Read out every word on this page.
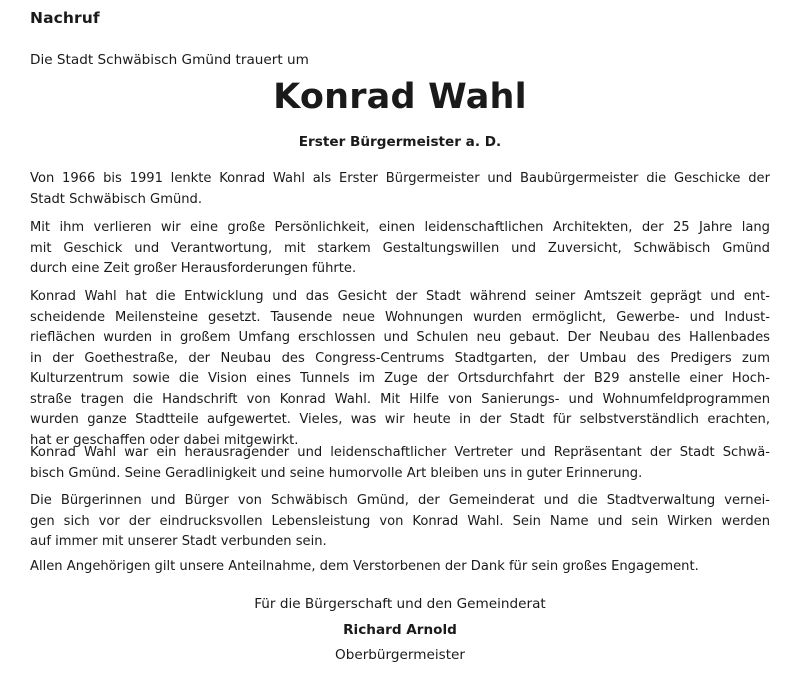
Nachruf
Die Stadt Schwäbisch Gmünd trauert um
Konrad Wahl
Erster Bürgermeister a. D.
Von 1966 bis 1991 lenkte Konrad Wahl als Erster Bürgermeister und Baubürgermeister die Geschicke der
Stadt Schwäbisch Gmünd.
Mit ihm verlieren wir eine große Persönlichkeit, einen leidenschaftlichen Architekten, der 25 Jahre lang
mit Geschick und Verantwortung, mit starkem Gestaltungswillen und Zuversicht, Schwäbisch Gmünd
durch eine Zeit großer Herausforderungen führte.
Konrad Wahl hat die Entwicklung und das Gesicht der Stadt während seiner Amtszeit geprägt und ent-
scheidende Meilensteine gesetzt. Tausende neue Wohnungen wurden ermöglicht, Gewerbe- und Indust-
rieflächen wurden in großem Umfang erschlossen und Schulen neu gebaut. Der Neubau des Hallenbades
in der Goethestraße, der Neubau des Congress-Centrums Stadtgarten, der Umbau des Predigers zum
Kulturzentrum sowie die Vision eines Tunnels im Zuge der Ortsdurchfahrt der B29 anstelle einer Hoch-
straße tragen die Handschrift von Konrad Wahl. Mit Hilfe von Sanierungs- und Wohnumfeldprogrammen
wurden ganze Stadtteile aufgewertet. Vieles, was wir heute in der Stadt für selbstverständlich erachten,
hat er geschaffen oder dabei mitgewirkt.
Konrad Wahl war ein herausragender und leidenschaftlicher Vertreter und Repräsentant der Stadt Schwä-
bisch Gmünd. Seine Geradlinigkeit und seine humorvolle Art bleiben uns in guter Erinnerung.
Die Bürgerinnen und Bürger von Schwäbisch Gmünd, der Gemeinderat und die Stadtverwaltung vernei-
gen sich vor der eindrucksvollen Lebensleistung von Konrad Wahl. Sein Name und sein Wirken werden
auf immer mit unserer Stadt verbunden sein.
Allen Angehörigen gilt unsere Anteilnahme, dem Verstorbenen der Dank für sein großes Engagement.
Für die Bürgerschaft und den Gemeinderat
Richard Arnold
Oberbürgermeister
